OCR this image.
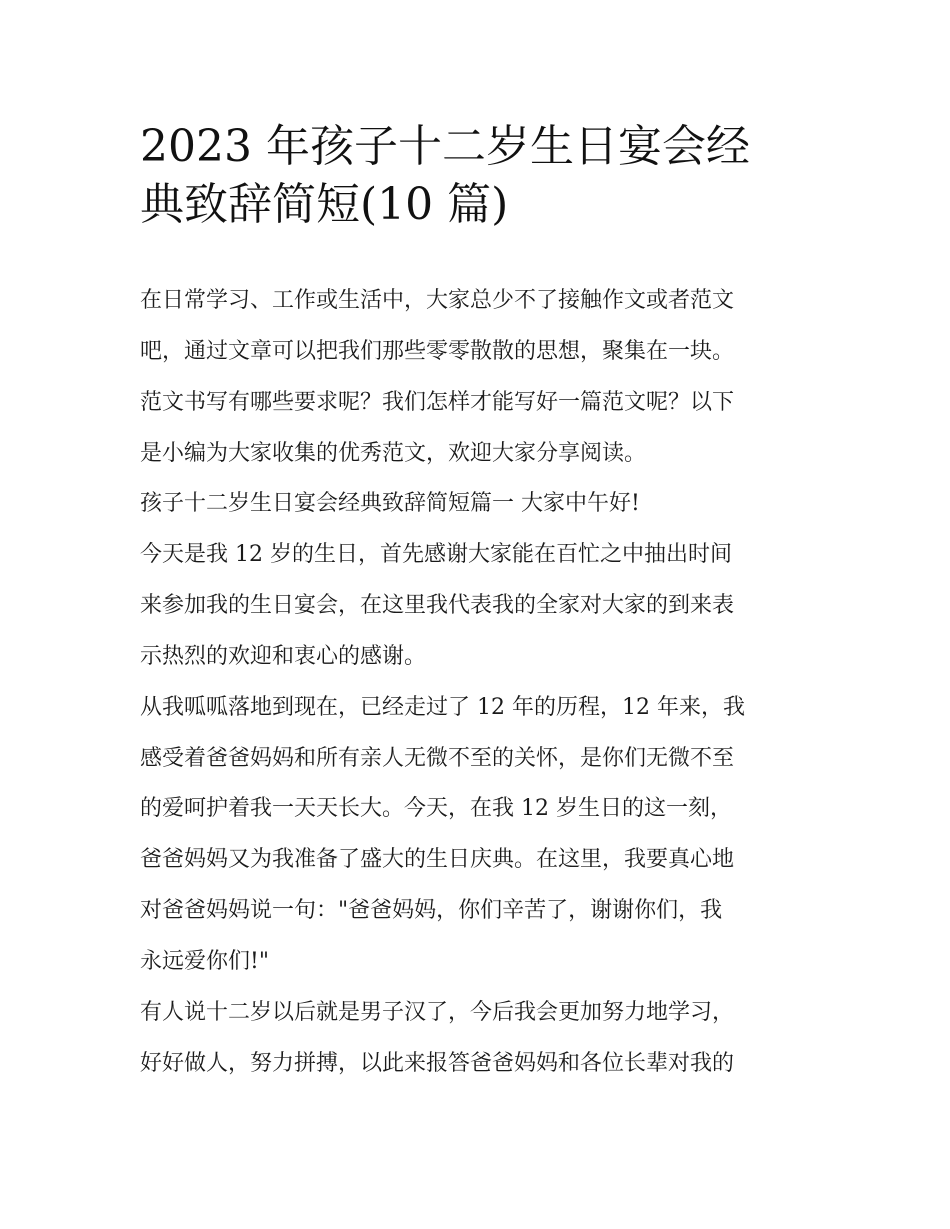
2023 年孩子十二岁生日宴会经
典致辞简短(10 篇)
在日常学习、工作或生活中，大家总少不了接触作文或者范文
吧，通过文章可以把我们那些零零散散的思想，聚集在一块。
范文书写有哪些要求呢？我们怎样才能写好一篇范文呢？以下
是小编为大家收集的优秀范文，欢迎大家分享阅读。
孩子十二岁生日宴会经典致辞简短篇一 大家中午好!
今天是我 12 岁的生日，首先感谢大家能在百忙之中抽出时间
来参加我的生日宴会，在这里我代表我的全家对大家的到来表
示热烈的欢迎和衷心的感谢。
从我呱呱落地到现在，已经走过了 12 年的历程，12 年来，我
感受着爸爸妈妈和所有亲人无微不至的关怀，是你们无微不至
的爱呵护着我一天天长大。今天，在我 12 岁生日的这一刻，
爸爸妈妈又为我准备了盛大的生日庆典。在这里，我要真心地
对爸爸妈妈说一句："爸爸妈妈，你们辛苦了，谢谢你们，我
永远爱你们!"
有人说十二岁以后就是男子汉了，今后我会更加努力地学习，
好好做人，努力拼搏，以此来报答爸爸妈妈和各位长辈对我的
